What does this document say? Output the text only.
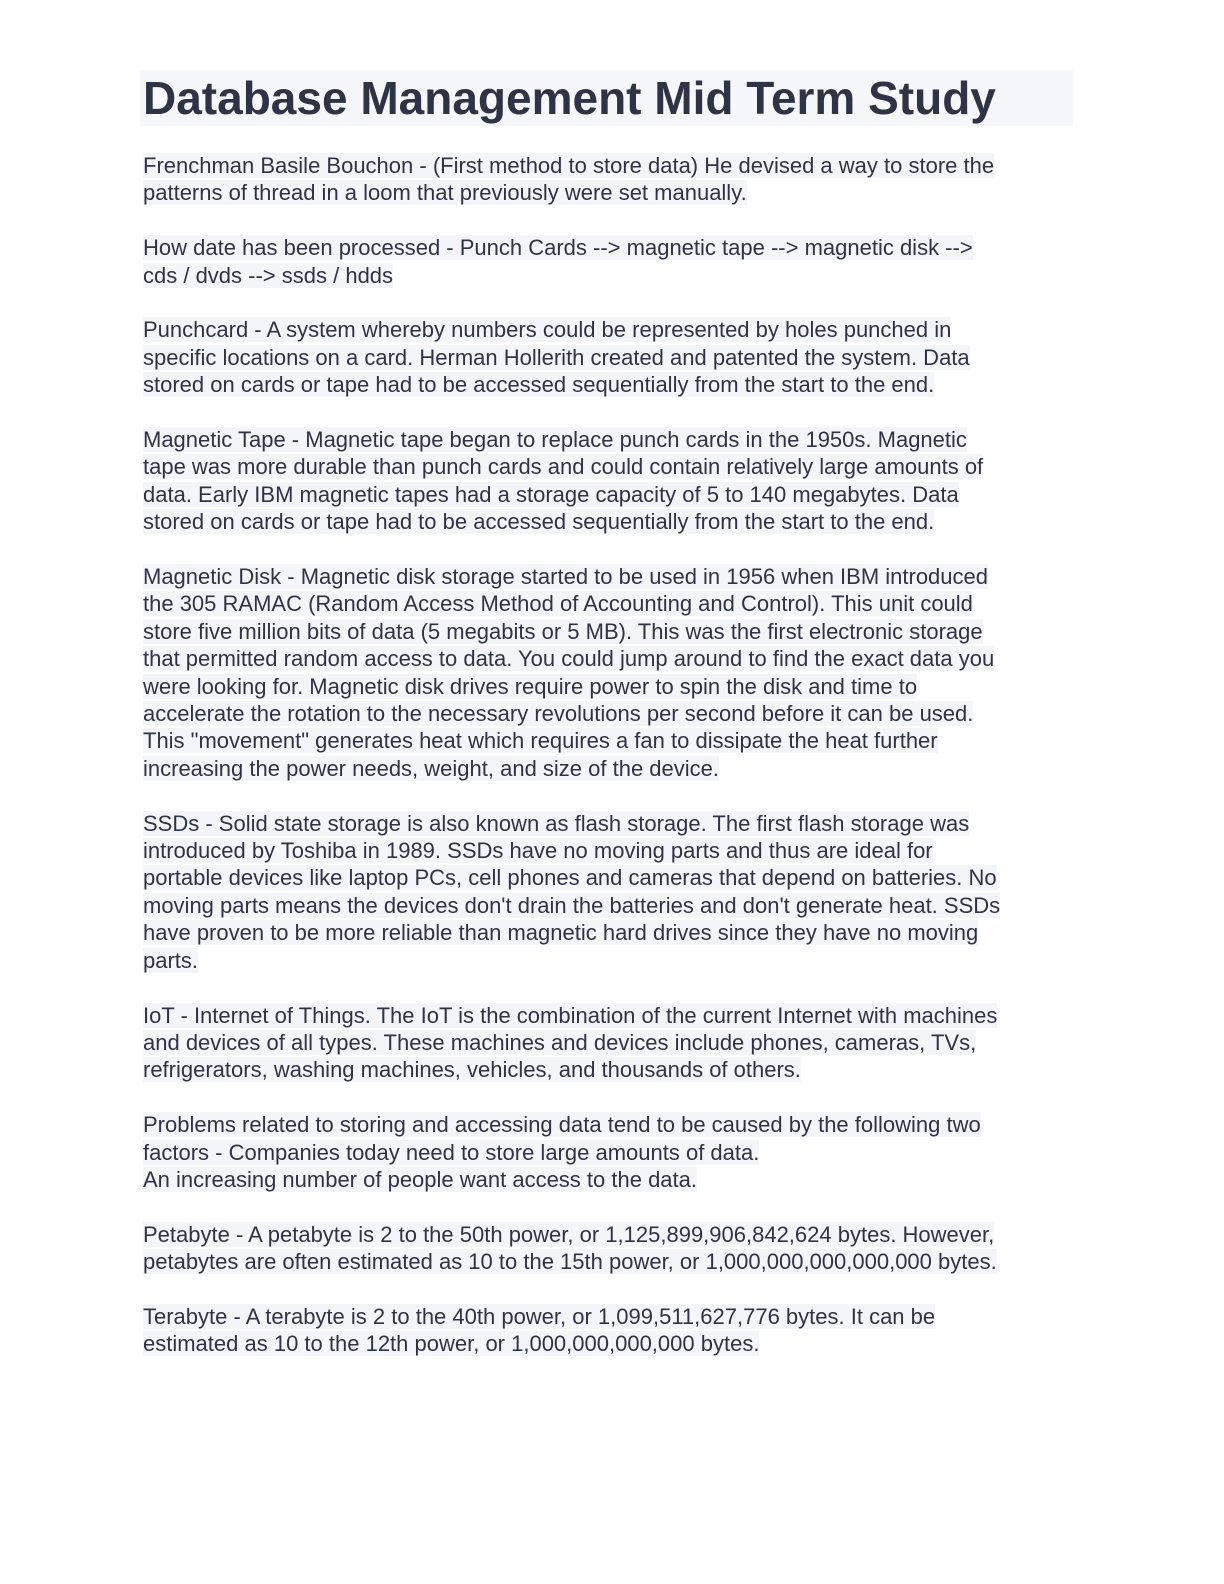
Database Management Mid Term Study

Frenchman Basile Bouchon - (First method to store data) He devised a way to store the
patterns of thread in a loom that previously were set manually.

How date has been processed - Punch Cards --> magnetic tape --> magnetic disk -->
cds / dvds --> ssds / hdds

Punchcard - A system whereby numbers could be represented by holes punched in
specific locations on a card. Herman Hollerith created and patented the system. Data
stored on cards or tape had to be accessed sequentially from the start to the end.

Magnetic Tape - Magnetic tape began to replace punch cards in the 1950s. Magnetic
tape was more durable than punch cards and could contain relatively large amounts of
data. Early IBM magnetic tapes had a storage capacity of 5 to 140 megabytes. Data
stored on cards or tape had to be accessed sequentially from the start to the end.

Magnetic Disk - Magnetic disk storage started to be used in 1956 when IBM introduced
the 305 RAMAC (Random Access Method of Accounting and Control). This unit could
store five million bits of data (5 megabits or 5 MB). This was the first electronic storage
that permitted random access to data. You could jump around to find the exact data you
were looking for. Magnetic disk drives require power to spin the disk and time to
accelerate the rotation to the necessary revolutions per second before it can be used.
This "movement" generates heat which requires a fan to dissipate the heat further
increasing the power needs, weight, and size of the device.

SSDs - Solid state storage is also known as flash storage. The first flash storage was
introduced by Toshiba in 1989. SSDs have no moving parts and thus are ideal for
portable devices like laptop PCs, cell phones and cameras that depend on batteries. No
moving parts means the devices don't drain the batteries and don't generate heat. SSDs
have proven to be more reliable than magnetic hard drives since they have no moving
parts.

IoT - Internet of Things. The IoT is the combination of the current Internet with machines
and devices of all types. These machines and devices include phones, cameras, TVs,
refrigerators, washing machines, vehicles, and thousands of others.

Problems related to storing and accessing data tend to be caused by the following two
factors - Companies today need to store large amounts of data.
An increasing number of people want access to the data.

Petabyte - A petabyte is 2 to the 50th power, or 1,125,899,906,842,624 bytes. However,
petabytes are often estimated as 10 to the 15th power, or 1,000,000,000,000,000 bytes.

Terabyte - A terabyte is 2 to the 40th power, or 1,099,511,627,776 bytes. It can be
estimated as 10 to the 12th power, or 1,000,000,000,000 bytes.
